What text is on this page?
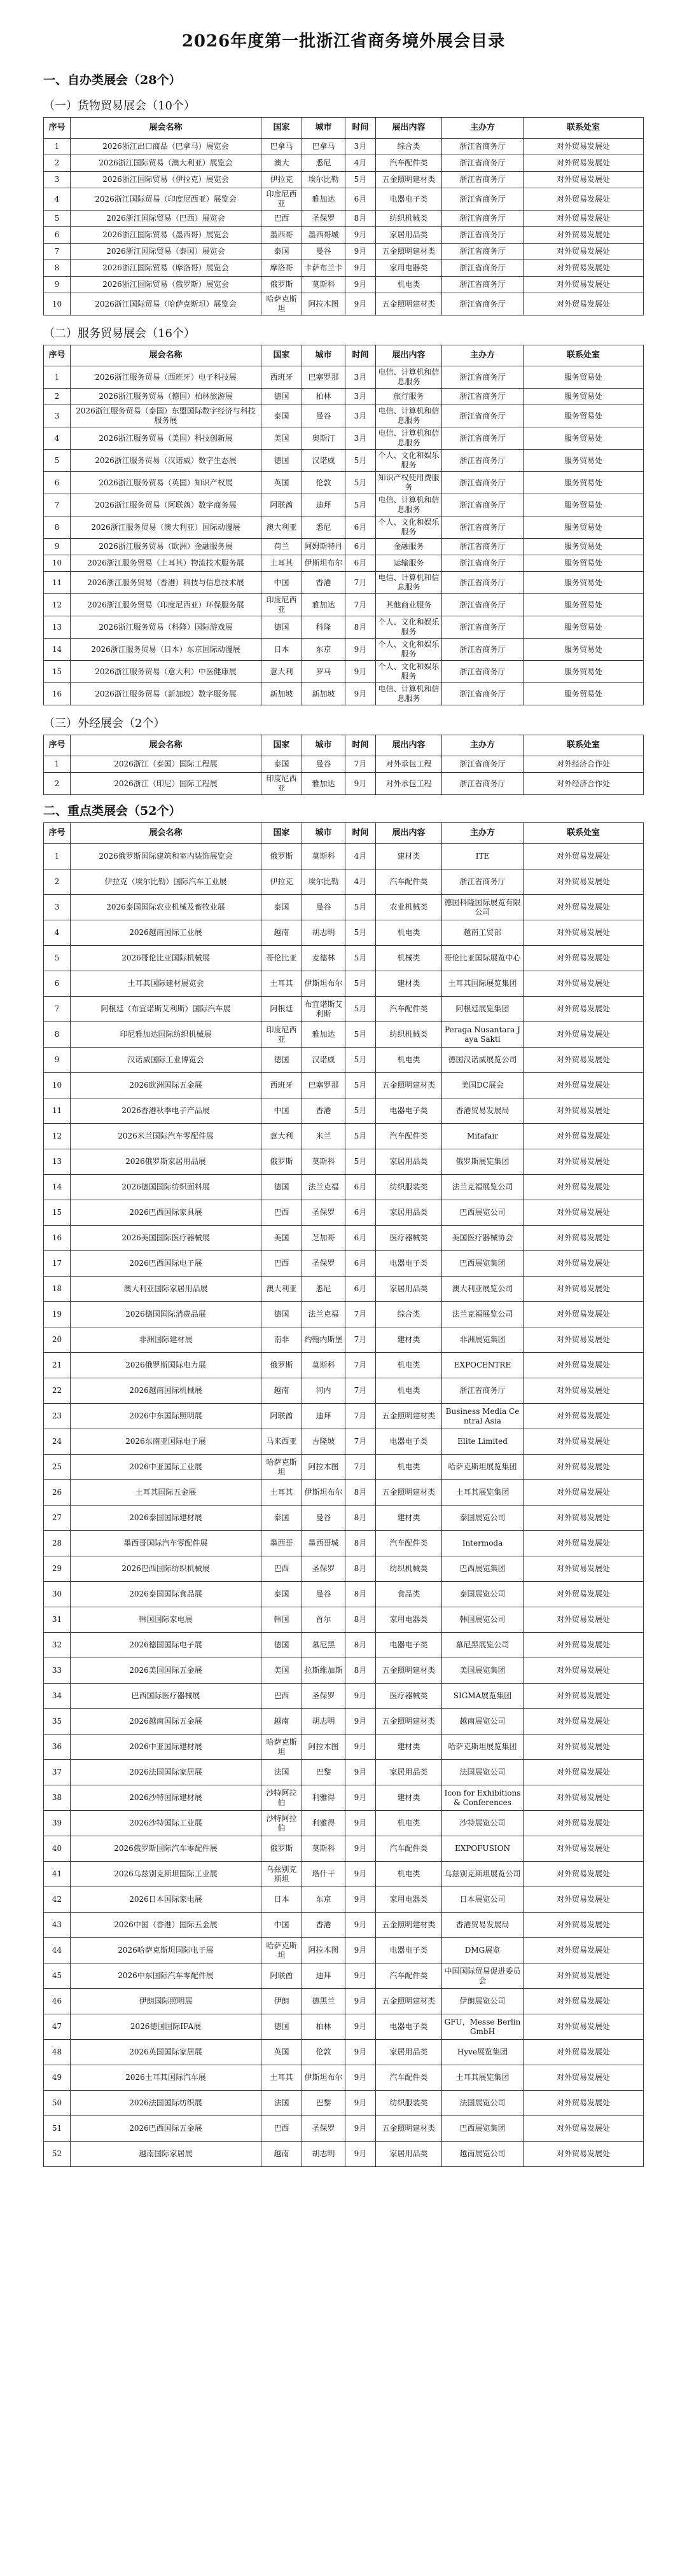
2026年度第一批浙江省商务境外展会目录
一、自办类展会（28个）
（一）货物贸易展会（10个）
序号	展会名称	国家	城市	时间	展出内容	主办方	联系处室
1	2026浙江出口商品（巴拿马）展览会	巴拿马	巴拿马	3月	综合类	浙江省商务厅	对外贸易发展处
2	2026浙江国际贸易（澳大利亚）展览会	澳大	悉尼	4月	汽车配件类	浙江省商务厅	对外贸易发展处
3	2026浙江国际贸易（伊拉克）展览会	伊拉克	埃尔比勒	5月	五金照明建材类	浙江省商务厅	对外贸易发展处
4	2026浙江国际贸易（印度尼西亚）展览会	印度尼西亚	雅加达	6月	电器电子类	浙江省商务厅	对外贸易发展处
5	2026浙江国际贸易（巴西）展览会	巴西	圣保罗	8月	纺织机械类	浙江省商务厅	对外贸易发展处
6	2026浙江国际贸易（墨西哥）展览会	墨西哥	墨西哥城	9月	家居用品类	浙江省商务厅	对外贸易发展处
7	2026浙江国际贸易（泰国）展览会	泰国	曼谷	9月	五金照明建材类	浙江省商务厅	对外贸易发展处
8	2026浙江国际贸易（摩洛哥）展览会	摩洛哥	卡萨布兰卡	9月	家用电器类	浙江省商务厅	对外贸易发展处
9	2026浙江国际贸易（俄罗斯）展览会	俄罗斯	莫斯科	9月	机电类	浙江省商务厅	对外贸易发展处
10	2026浙江国际贸易（哈萨克斯坦）展览会	哈萨克斯坦	阿拉木图	9月	五金照明建材类	浙江省商务厅	对外贸易发展处
（二）服务贸易展会（16个）
序号	展会名称	国家	城市	时间	展出内容	主办方	联系处室
1	2026浙江服务贸易（西班牙）电子科技展	西班牙	巴塞罗那	3月	电信、计算机和信息服务	浙江省商务厅	服务贸易处
2	2026浙江服务贸易（德国）柏林旅游展	德国	柏林	3月	旅行服务	浙江省商务厅	服务贸易处
3	2026浙江服务贸易（泰国）东盟国际数字经济与科技服务展	泰国	曼谷	3月	电信、计算机和信息服务	浙江省商务厅	服务贸易处
4	2026浙江服务贸易（美国）科技创新展	美国	奥斯汀	3月	电信、计算机和信息服务	浙江省商务厅	服务贸易处
5	2026浙江服务贸易（汉诺威）数字生态展	德国	汉诺威	5月	个人、文化和娱乐服务	浙江省商务厅	服务贸易处
6	2026浙江服务贸易（英国）知识产权展	英国	伦敦	5月	知识产权使用费服务	浙江省商务厅	服务贸易处
7	2026浙江服务贸易（阿联酋）数字商务展	阿联酋	迪拜	5月	电信、计算机和信息服务	浙江省商务厅	服务贸易处
8	2026浙江服务贸易（澳大利亚）国际动漫展	澳大利亚	悉尼	6月	个人、文化和娱乐服务	浙江省商务厅	服务贸易处
9	2026浙江服务贸易（欧洲）金融服务展	荷兰	阿姆斯特丹	6月	金融服务	浙江省商务厅	服务贸易处
10	2026浙江服务贸易（土耳其）物流技术服务展	土耳其	伊斯坦布尔	6月	运输服务	浙江省商务厅	服务贸易处
11	2026浙江服务贸易（香港）科技与信息技术展	中国	香港	7月	电信、计算机和信息服务	浙江省商务厅	服务贸易处
12	2026浙江服务贸易（印度尼西亚）环保服务展	印度尼西亚	雅加达	7月	其他商业服务	浙江省商务厅	服务贸易处
13	2026浙江服务贸易（科隆）国际游戏展	德国	科隆	8月	个人、文化和娱乐服务	浙江省商务厅	服务贸易处
14	2026浙江服务贸易（日本）东京国际动漫展	日本	东京	9月	个人、文化和娱乐服务	浙江省商务厅	服务贸易处
15	2026浙江服务贸易（意大利）中医健康展	意大利	罗马	9月	个人、文化和娱乐服务	浙江省商务厅	服务贸易处
16	2026浙江服务贸易（新加坡）数字服务展	新加坡	新加坡	9月	电信、计算机和信息服务	浙江省商务厅	服务贸易处
（三）外经展会（2个）
序号	展会名称	国家	城市	时间	展出内容	主办方	联系处室
1	2026浙江（泰国）国际工程展	泰国	曼谷	7月	对外承包工程	浙江省商务厅	对外经济合作处
2	2026浙江（印尼）国际工程展	印度尼西亚	雅加达	9月	对外承包工程	浙江省商务厅	对外经济合作处
二、重点类展会（52个）
序号	展会名称	国家	城市	时间	展出内容	主办方	联系处室
1	2026俄罗斯国际建筑和室内装饰展览会	俄罗斯	莫斯科	4月	建材类	ITE	对外贸易发展处
2	伊拉克（埃尔比勒）国际汽车工业展	伊拉克	埃尔比勒	4月	汽车配件类	浙江省商务厅	对外贸易发展处
3	2026泰国国际农业机械及畜牧业展	泰国	曼谷	5月	农业机械类	德国科隆国际展览有限公司	对外贸易发展处
4	2026越南国际工业展	越南	胡志明	5月	机电类	越南工贸部	对外贸易发展处
5	2026哥伦比亚国际机械展	哥伦比亚	麦德林	5月	机械类	哥伦比亚国际展览中心	对外贸易发展处
6	土耳其国际建材展览会	土耳其	伊斯坦布尔	5月	建材类	土耳其国际展览集团	对外贸易发展处
7	阿根廷（布宜诺斯艾利斯）国际汽车展	阿根廷	布宜诺斯艾利斯	5月	汽车配件类	阿根廷展览集团	对外贸易发展处
8	印尼雅加达国际纺织机械展	印度尼西亚	雅加达	5月	纺织机械类	Peraga Nusantara Jaya Sakti	对外贸易发展处
9	汉诺威国际工业博览会	德国	汉诺威	5月	机电类	德国汉诺威展览公司	对外贸易发展处
10	2026欧洲国际五金展	西班牙	巴塞罗那	5月	五金照明建材类	美国DC展会	对外贸易发展处
11	2026香港秋季电子产品展	中国	香港	5月	电器电子类	香港贸易发展局	对外贸易发展处
12	2026米兰国际汽车零配件展	意大利	米兰	5月	汽车配件类	Mifafair	对外贸易发展处
13	2026俄罗斯家居用品展	俄罗斯	莫斯科	5月	家居用品类	俄罗斯展览集团	对外贸易发展处
14	2026德国国际纺织面料展	德国	法兰克福	6月	纺织服装类	法兰克福展览公司	对外贸易发展处
15	2026巴西国际家具展	巴西	圣保罗	6月	家居用品类	巴西展览公司	对外贸易发展处
16	2026美国国际医疗器械展	美国	芝加哥	6月	医疗器械类	美国医疗器械协会	对外贸易发展处
17	2026巴西国际电子展	巴西	圣保罗	6月	电器电子类	巴西展览集团	对外贸易发展处
18	澳大利亚国际家居用品展	澳大利亚	悉尼	6月	家居用品类	澳大利亚展览公司	对外贸易发展处
19	2026德国国际消费品展	德国	法兰克福	7月	综合类	法兰克福展览公司	对外贸易发展处
20	非洲国际建材展	南非	约翰内斯堡	7月	建材类	非洲展览集团	对外贸易发展处
21	2026俄罗斯国际电力展	俄罗斯	莫斯科	7月	机电类	EXPOCENTRE	对外贸易发展处
22	2026越南国际机械展	越南	河内	7月	机电类	浙江省商务厅	对外贸易发展处
23	2026中东国际照明展	阿联酋	迪拜	7月	五金照明建材类	Business Media Central Asia	对外贸易发展处
24	2026东南亚国际电子展	马来西亚	吉隆坡	7月	电器电子类	Elite Limited	对外贸易发展处
25	2026中亚国际工业展	哈萨克斯坦	阿拉木图	7月	机电类	哈萨克斯坦展览集团	对外贸易发展处
26	土耳其国际五金展	土耳其	伊斯坦布尔	8月	五金照明建材类	土耳其展览集团	对外贸易发展处
27	2026泰国国际建材展	泰国	曼谷	8月	建材类	泰国展览公司	对外贸易发展处
28	墨西哥国际汽车零配件展	墨西哥	墨西哥城	8月	汽车配件类	Intermoda	对外贸易发展处
29	2026巴西国际纺织机械展	巴西	圣保罗	8月	纺织机械类	巴西展览集团	对外贸易发展处
30	2026泰国国际食品展	泰国	曼谷	8月	食品类	泰国展览公司	对外贸易发展处
31	韩国国际家电展	韩国	首尔	8月	家用电器类	韩国展览公司	对外贸易发展处
32	2026德国国际电子展	德国	慕尼黑	8月	电器电子类	慕尼黑展览公司	对外贸易发展处
33	2026美国国际五金展	美国	拉斯维加斯	8月	五金照明建材类	美国展览集团	对外贸易发展处
34	巴西国际医疗器械展	巴西	圣保罗	9月	医疗器械类	SIGMA展览集团	对外贸易发展处
35	2026越南国际五金展	越南	胡志明	9月	五金照明建材类	越南展览公司	对外贸易发展处
36	2026中亚国际建材展	哈萨克斯坦	阿拉木图	9月	建材类	哈萨克斯坦展览集团	对外贸易发展处
37	2026法国国际家居展	法国	巴黎	9月	家居用品类	法国展览公司	对外贸易发展处
38	2026沙特国际建材展	沙特阿拉伯	利雅得	9月	建材类	Icon for Exhibitions & Conferences	对外贸易发展处
39	2026沙特国际工业展	沙特阿拉伯	利雅得	9月	机电类	沙特展览公司	对外贸易发展处
40	2026俄罗斯国际汽车零配件展	俄罗斯	莫斯科	9月	汽车配件类	EXPOFUSION	对外贸易发展处
41	2026乌兹别克斯坦国际工业展	乌兹别克斯坦	塔什干	9月	机电类	乌兹别克斯坦展览公司	对外贸易发展处
42	2026日本国际家电展	日本	东京	9月	家用电器类	日本展览公司	对外贸易发展处
43	2026中国（香港）国际五金展	中国	香港	9月	五金照明建材类	香港贸易发展局	对外贸易发展处
44	2026哈萨克斯坦国际电子展	哈萨克斯坦	阿拉木图	9月	电器电子类	DMG展览	对外贸易发展处
45	2026中东国际汽车零配件展	阿联酋	迪拜	9月	汽车配件类	中国国际贸易促进委员会	对外贸易发展处
46	伊朗国际照明展	伊朗	德黑兰	9月	五金照明建材类	伊朗展览公司	对外贸易发展处
47	2026德国国际IFA展	德国	柏林	9月	电器电子类	GFU，Messe Berlin GmbH	对外贸易发展处
48	2026英国国际家居展	英国	伦敦	9月	家居用品类	Hyve展览集团	对外贸易发展处
49	2026土耳其国际汽车展	土耳其	伊斯坦布尔	9月	汽车配件类	土耳其展览集团	对外贸易发展处
50	2026法国国际纺织展	法国	巴黎	9月	纺织服装类	法国展览公司	对外贸易发展处
51	2026巴西国际五金展	巴西	圣保罗	9月	五金照明建材类	巴西展览集团	对外贸易发展处
52	越南国际家居展	越南	胡志明	9月	家居用品类	越南展览公司	对外贸易发展处
